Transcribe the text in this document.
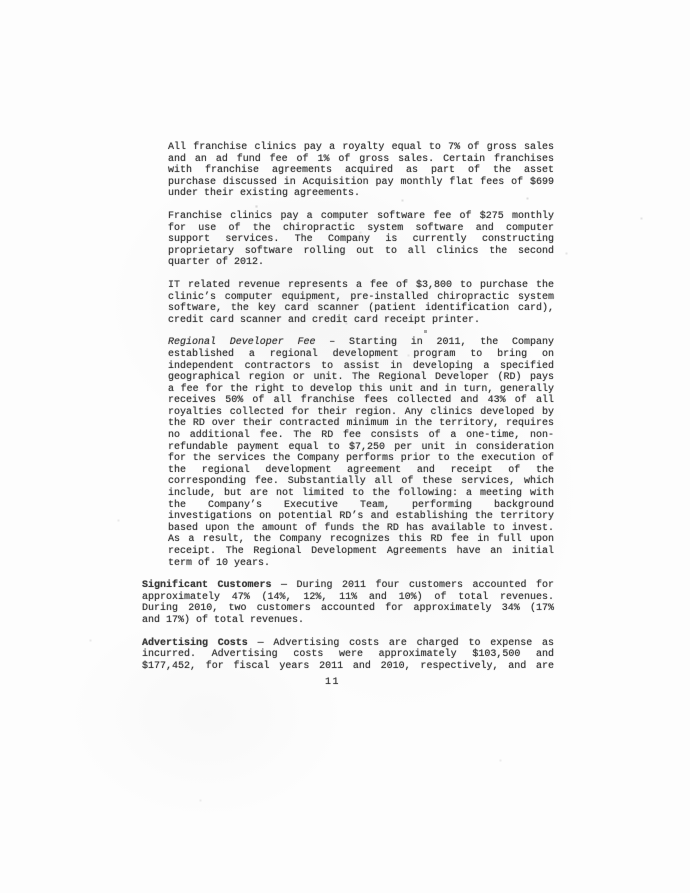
All franchise clinics pay a royalty equal to 7% of gross sales
and an ad fund fee of 1% of gross sales. Certain franchises
with franchise agreements acquired as part of the asset
purchase discussed in Acquisition pay monthly flat fees of $699
under their existing agreements.
Franchise clinics pay a computer software fee of $275 monthly
for use of the chiropractic system software and computer
support services. The Company is currently constructing
proprietary software rolling out to all clinics the second
quarter of 2012.
IT related revenue represents a fee of $3,800 to purchase the
clinic’s computer equipment, pre-installed chiropractic system
software, the key card scanner (patient identification card),
credit card scanner and credit card receipt printer.
Regional Developer Fee – Starting in 2011, the Company
established a regional development program to bring on
independent contractors to assist in developing a specified
geographical region or unit. The Regional Developer (RD) pays
a fee for the right to develop this unit and in turn, generally
receives 50% of all franchise fees collected and 43% of all
royalties collected for their region. Any clinics developed by
the RD over their contracted minimum in the territory, requires
no additional fee. The RD fee consists of a one-time, non-
refundable payment equal to $7,250 per unit in consideration
for the services the Company performs prior to the execution of
the regional development agreement and receipt of the
corresponding fee. Substantially all of these services, which
include, but are not limited to the following: a meeting with
the Company’s Executive Team, performing background
investigations on potential RD’s and establishing the territory
based upon the amount of funds the RD has available to invest.
As a result, the Company recognizes this RD fee in full upon
receipt. The Regional Development Agreements have an initial
term of 10 years.
Significant Customers — During 2011 four customers accounted for
approximately 47% (14%, 12%, 11% and 10%) of total revenues.
During 2010, two customers accounted for approximately 34% (17%
and 17%) of total revenues.
Advertising Costs — Advertising costs are charged to expense as
incurred. Advertising costs were approximately $103,500 and
$177,452, for fiscal years 2011 and 2010, respectively, and are
11
